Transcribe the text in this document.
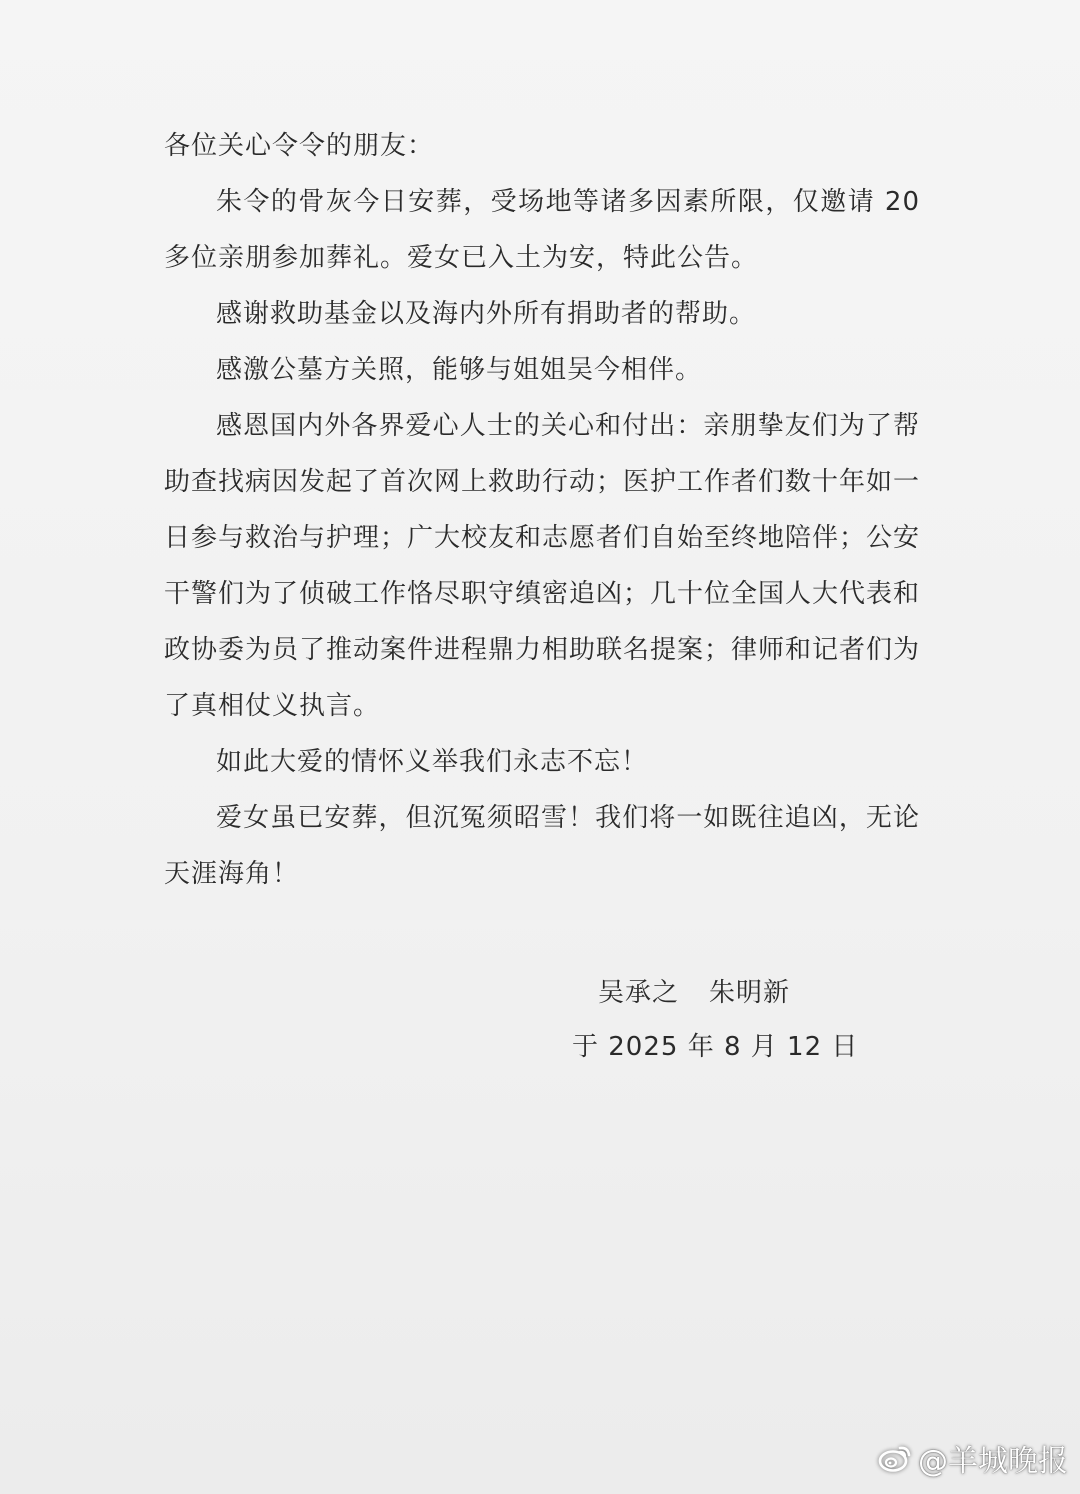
各位关心令令的朋友：

朱令的骨灰今日安葬，受场地等诸多因素所限，仅邀请 20 多位亲朋参加葬礼。爱女已入土为安，特此公告。

感谢救助基金以及海内外所有捐助者的帮助。

感激公墓方关照，能够与姐姐吴今相伴。

感恩国内外各界爱心人士的关心和付出：亲朋挚友们为了帮助查找病因发起了首次网上救助行动；医护工作者们数十年如一日参与救治与护理；广大校友和志愿者们自始至终地陪伴；公安干警们为了侦破工作恪尽职守缜密追凶；几十位全国人大代表和政协委为员了推动案件进程鼎力相助联名提案；律师和记者们为了真相仗义执言。

如此大爱的情怀义举我们永志不忘！

爱女虽已安葬，但沉冤须昭雪！我们将一如既往追凶，无论天涯海角！

吴承之 朱明新
于 2025 年 8 月 12 日
@羊城晚报
